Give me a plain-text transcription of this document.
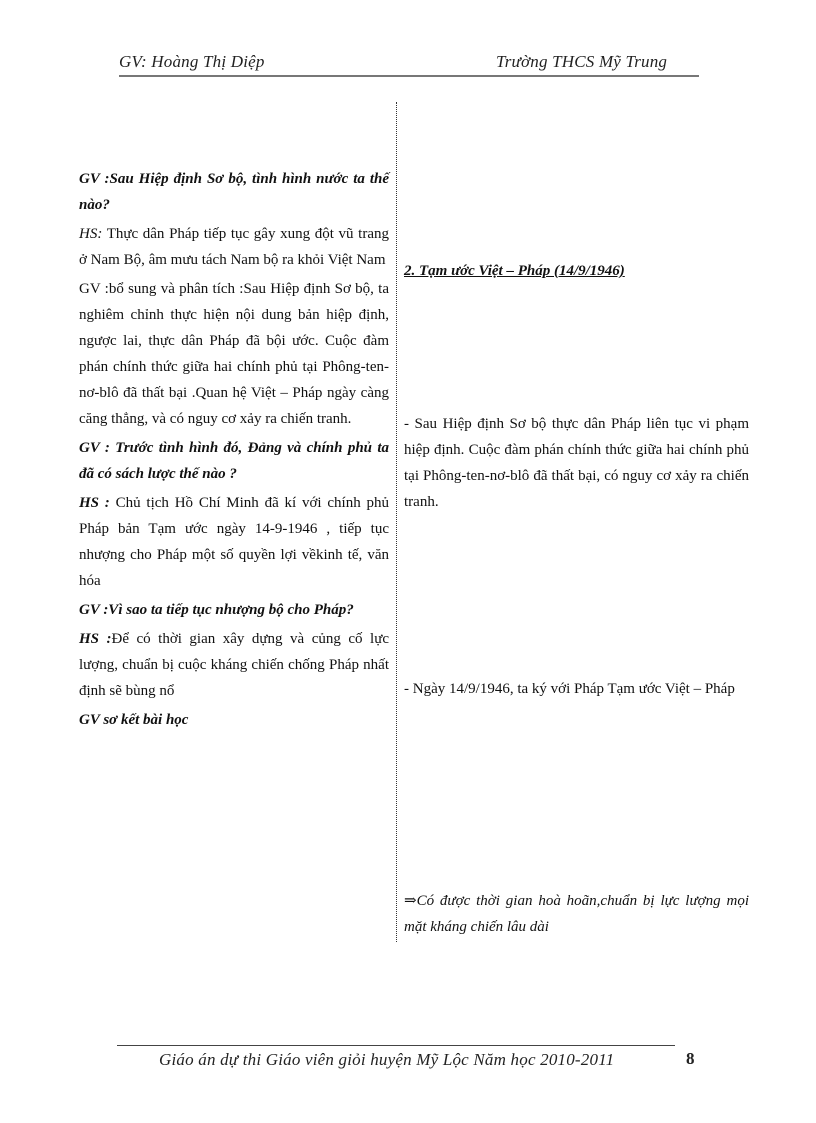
GV: Hoàng Thị Diệp	Trường THCS Mỹ Trung

GV :Sau Hiệp định Sơ bộ, tình hình nước ta thế nào?

HS: Thực dân Pháp tiếp tục gây xung đột vũ trang ở Nam Bộ, âm mưu tách Nam bộ ra khỏi Việt Nam

GV :bổ sung và phân tích :Sau Hiệp định Sơ bộ, ta nghiêm chỉnh thực hiện nội dung bản hiệp định, ngược lai, thực dân Pháp đã bội ước. Cuộc đàm phán chính thức giữa hai chính phủ tại Phông-ten-nơ-blô đã thất bại .Quan hệ Việt – Pháp ngày càng căng thẳng, và có nguy cơ xảy ra chiến tranh.

GV : Trước tình hình đó, Đảng và chính phủ ta đã có sách lược thế nào ?

HS : Chủ tịch Hồ Chí Minh đã kí với chính phủ Pháp bản Tạm ước ngày 14-9-1946 , tiếp tục nhượng cho Pháp một số quyền lợi vềkinh tế, văn hóa

GV :Vì sao ta tiếp tục nhượng bộ cho Pháp?

HS :Để có thời gian xây dựng và củng cố lực lượng, chuẩn bị cuộc kháng chiến chống Pháp nhất định sẽ bùng nổ

GV sơ kết bài học

2. Tạm ước Việt – Pháp (14/9/1946)
- Sau Hiệp định Sơ bộ thực dân Pháp liên tục vi phạm hiệp định. Cuộc đàm phán chính thức giữa hai chính phủ tại Phông-ten-nơ-blô đã thất bại, có nguy cơ xảy ra chiến tranh.
- Ngày 14/9/1946, ta ký với Pháp Tạm ước Việt – Pháp
⇒Có được thời gian hoà hoãn,chuẩn bị lực lượng mọi mặt kháng chiến lâu dài
Giáo án dự thi Giáo viên giỏi huyện Mỹ Lộc Năm học 2010-2011	8
